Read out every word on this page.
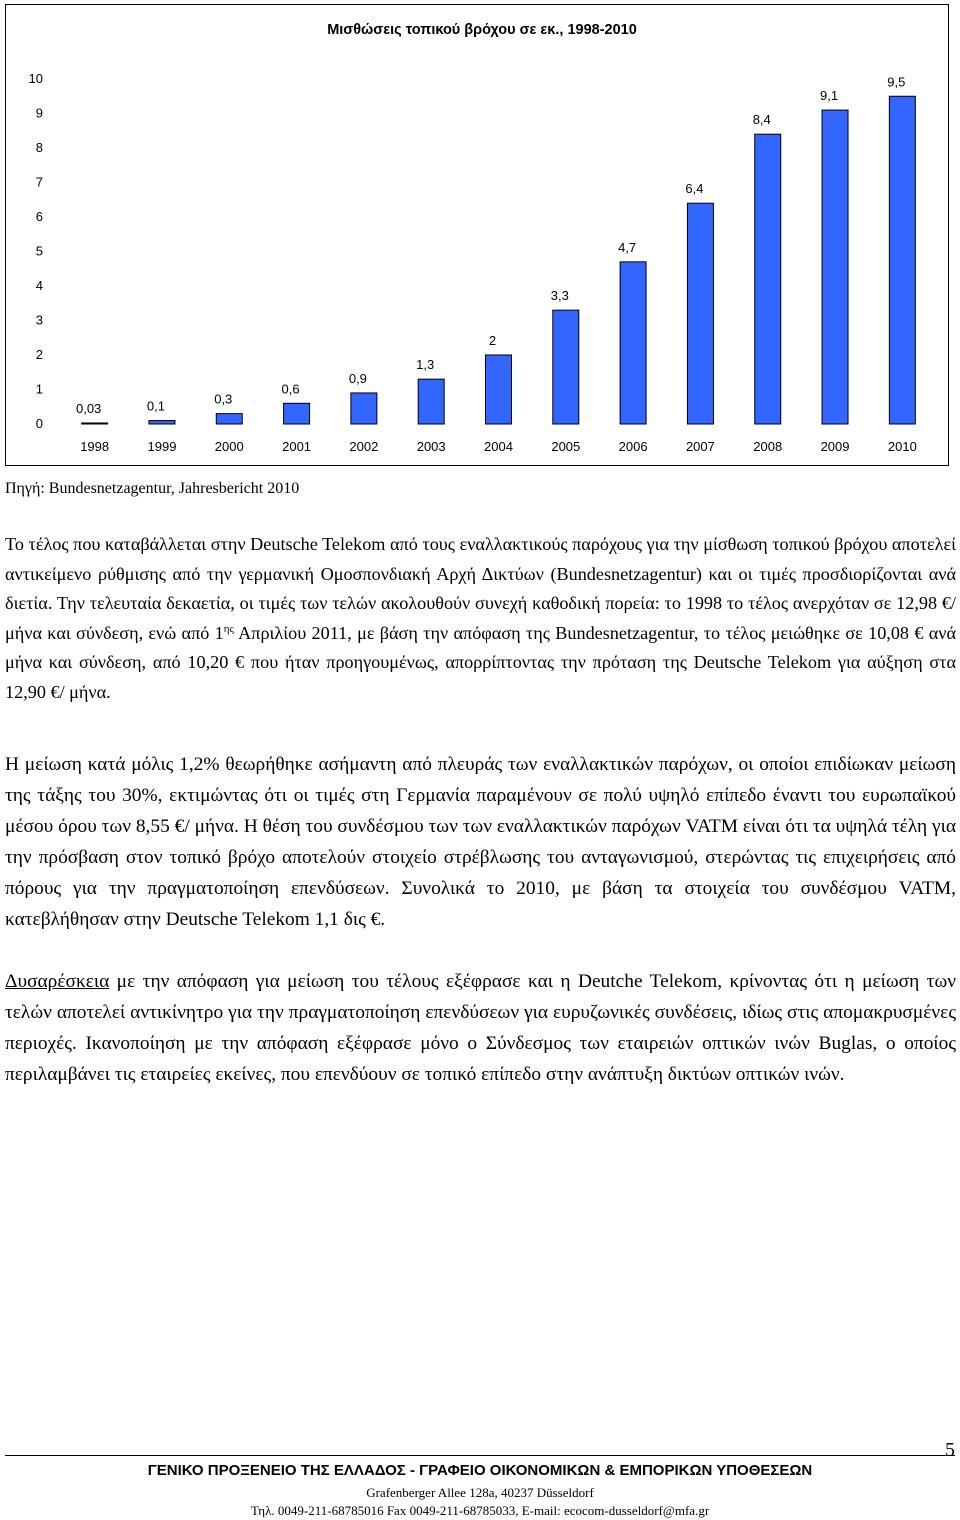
Μισθώσεις τοπικού βρόχου σε εκ., 1998-2010
0
1
2
3
4
5
6
7
8
9
10
0,03	0,1	0,3
0,6
0,9
1,3
2
3,3
4,7
6,4
8,4
9,1
9,5
1998	1999	2000	2001	2002	2003	2004	2005	2006	2007	2008	2009	2010
Πηγή: Bundesnetzagentur, Jahresbericht 2010

Το τέλος που καταβάλλεται στην Deutsche Telekom από τους εναλλακτικούς παρόχους για την μίσθωση τοπικού βρόχου αποτελεί αντικείμενο ρύθμισης από την γερμανική Ομοσπονδιακή Αρχή Δικτύων (Bundesnetzagentur) και οι τιμές προσδιορίζονται ανά διετία. Την τελευταία δεκαετία, οι τιμές των τελών ακολουθούν συνεχή καθοδική πορεία: το 1998 το τέλος ανερχόταν σε 12,98 €/μήνα και σύνδεση, ενώ από $1^{\eta\varsigma}$ Απριλίου 2011, με βάση την απόφαση της Bundesnetzagentur, το τέλος μειώθηκε σε 10,08 € ανά μήνα και σύνδεση, από 10,20 € που ήταν προηγουμένως, απορρίπτοντας την πρόταση της Deutsche Telekom για αύξηση στα 12,90 €/ μήνα.

Η μείωση κατά μόλις 1,2% θεωρήθηκε ασήμαντη από πλευράς των εναλλακτικών παρόχων, οι οποίοι επιδίωκαν μείωση της τάξης του 30%, εκτιμώντας ότι οι τιμές στη Γερμανία παραμένουν σε πολύ υψηλό επίπεδο έναντι του ευρωπαϊκού μέσου όρου των 8,55 €/ μήνα. Η θέση του συνδέσμου των των εναλλακτικών παρόχων VATM είναι ότι τα υψηλά τέλη για την πρόσβαση στον τοπικό βρόχο αποτελούν στοιχείο στρέβλωσης του ανταγωνισμού, στερώντας τις επιχειρήσεις από πόρους για την πραγματοποίηση επενδύσεων. Συνολικά το 2010, με βάση τα στοιχεία του συνδέσμου VATM, κατεβλήθησαν στην Deutsche Telekom 1,1 δις €.

Δυσαρέσκεια με την απόφαση για μείωση του τέλους εξέφρασε και η Deutche Telekom, κρίνοντας ότι η μείωση των τελών αποτελεί αντικίνητρο για την πραγματοποίηση επενδύσεων για ευρυζωνικές συνδέσεις, ιδίως στις απομακρυσμένες περιοχές. Ικανοποίηση με την απόφαση εξέφρασε μόνο ο Σύνδεσμος των εταιρειών οπτικών ινών Buglas, ο οποίος περιλαμβάνει τις εταιρείες εκείνες, που επενδύουν σε τοπικό επίπεδο στην ανάπτυξη δικτύων οπτικών ινών.

5
ΓΕΝΙΚΟ ΠΡΟΞΕΝΕΙΟ ΤΗΣ ΕΛΛΑΔΟΣ - ΓΡΑΦΕΙΟ ΟΙΚΟΝΟΜΙΚΩΝ & ΕΜΠΟΡΙΚΩΝ ΥΠΟΘΕΣΕΩΝ
Grafenberger Allee 128a, 40237 Düsseldorf
Τηλ. 0049-211-68785016 Fax 0049-211-68785033, E-mail: ecocom-dusseldorf@mfa.gr
